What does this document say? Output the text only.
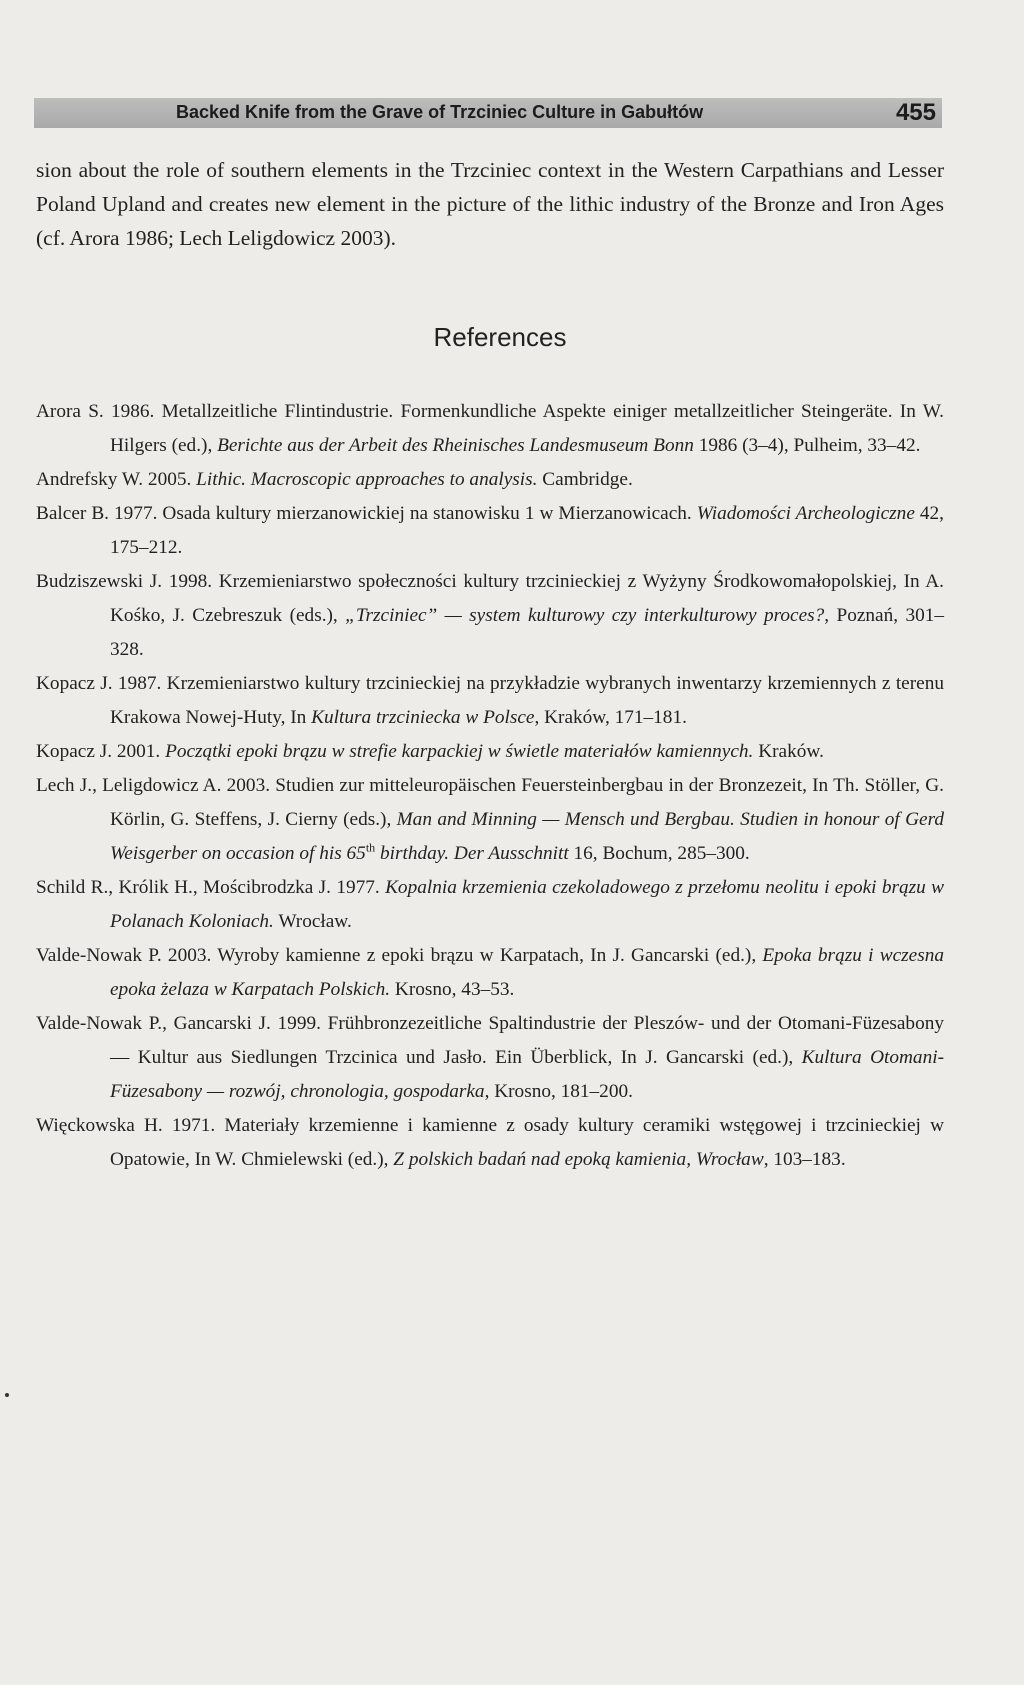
Backed Knife from the Grave of Trzciniec Culture in Gabułtów	455

sion about the role of southern elements in the Trzciniec context in the Western Carpathians and Lesser Poland Upland and creates new element in the picture of the lithic industry of the Bronze and Iron Ages (cf. Arora 1986; Lech Leligdowicz 2003).

References

Arora S. 1986. Metallzeitliche Flintindustrie. Formenkundliche Aspekte einiger metallzeitlicher Steingeräte. In W. Hilgers (ed.), Berichte aus der Arbeit des Rheinisches Landesmuseum Bonn 1986 (3–4), Pulheim, 33–42.

Andrefsky W. 2005. Lithic. Macroscopic approaches to analysis. Cambridge.

Balcer B. 1977. Osada kultury mierzanowickiej na stanowisku 1 w Mierzanowicach. Wiadomości Archeologiczne 42, 175–212.

Budziszewski J. 1998. Krzemieniarstwo społeczności kultury trzcinieckiej z Wyżyny Środkowomałopolskiej, In A. Kośko, J. Czebreszuk (eds.), „Trzciniec” — system kulturowy czy interkulturowy proces?, Poznań, 301–328.

Kopacz J. 1987. Krzemieniarstwo kultury trzcinieckiej na przykładzie wybranych inwentarzy krzemiennych z terenu Krakowa Nowej-Huty, In Kultura trzciniecka w Polsce, Kraków, 171–181.

Kopacz J. 2001. Początki epoki brązu w strefie karpackiej w świetle materiałów kamiennych. Kraków.

Lech J., Leligdowicz A. 2003. Studien zur mitteleuropäischen Feuersteinbergbau in der Bronzezeit, In Th. Stöller, G. Körlin, G. Steffens, J. Cierny (eds.), Man and Minning — Mensch und Bergbau. Studien in honour of Gerd Weisgerber on occasion of his 65th birthday. Der Ausschnitt 16, Bochum, 285–300.

Schild R., Królik H., Mościbrodzka J. 1977. Kopalnia krzemienia czekoladowego z przełomu neolitu i epoki brązu w Polanach Koloniach. Wrocław.

Valde-Nowak P. 2003. Wyroby kamienne z epoki brązu w Karpatach, In J. Gancarski (ed.), Epoka brązu i wczesna epoka żelaza w Karpatach Polskich. Krosno, 43–53.

Valde-Nowak P., Gancarski J. 1999. Frühbronzezeitliche Spaltindustrie der Pleszów- und der Otomani-Füzesabony — Kultur aus Siedlungen Trzcinica und Jasło. Ein Überblick, In J. Gancarski (ed.), Kultura Otomani-Füzesabony — rozwój, chronologia, gospodarka, Krosno, 181–200.

Więckowska H. 1971. Materiały krzemienne i kamienne z osady kultury ceramiki wstęgowej i trzcinieckiej w Opatowie, In W. Chmielewski (ed.), Z polskich badań nad epoką kamienia, Wrocław, 103–183.
